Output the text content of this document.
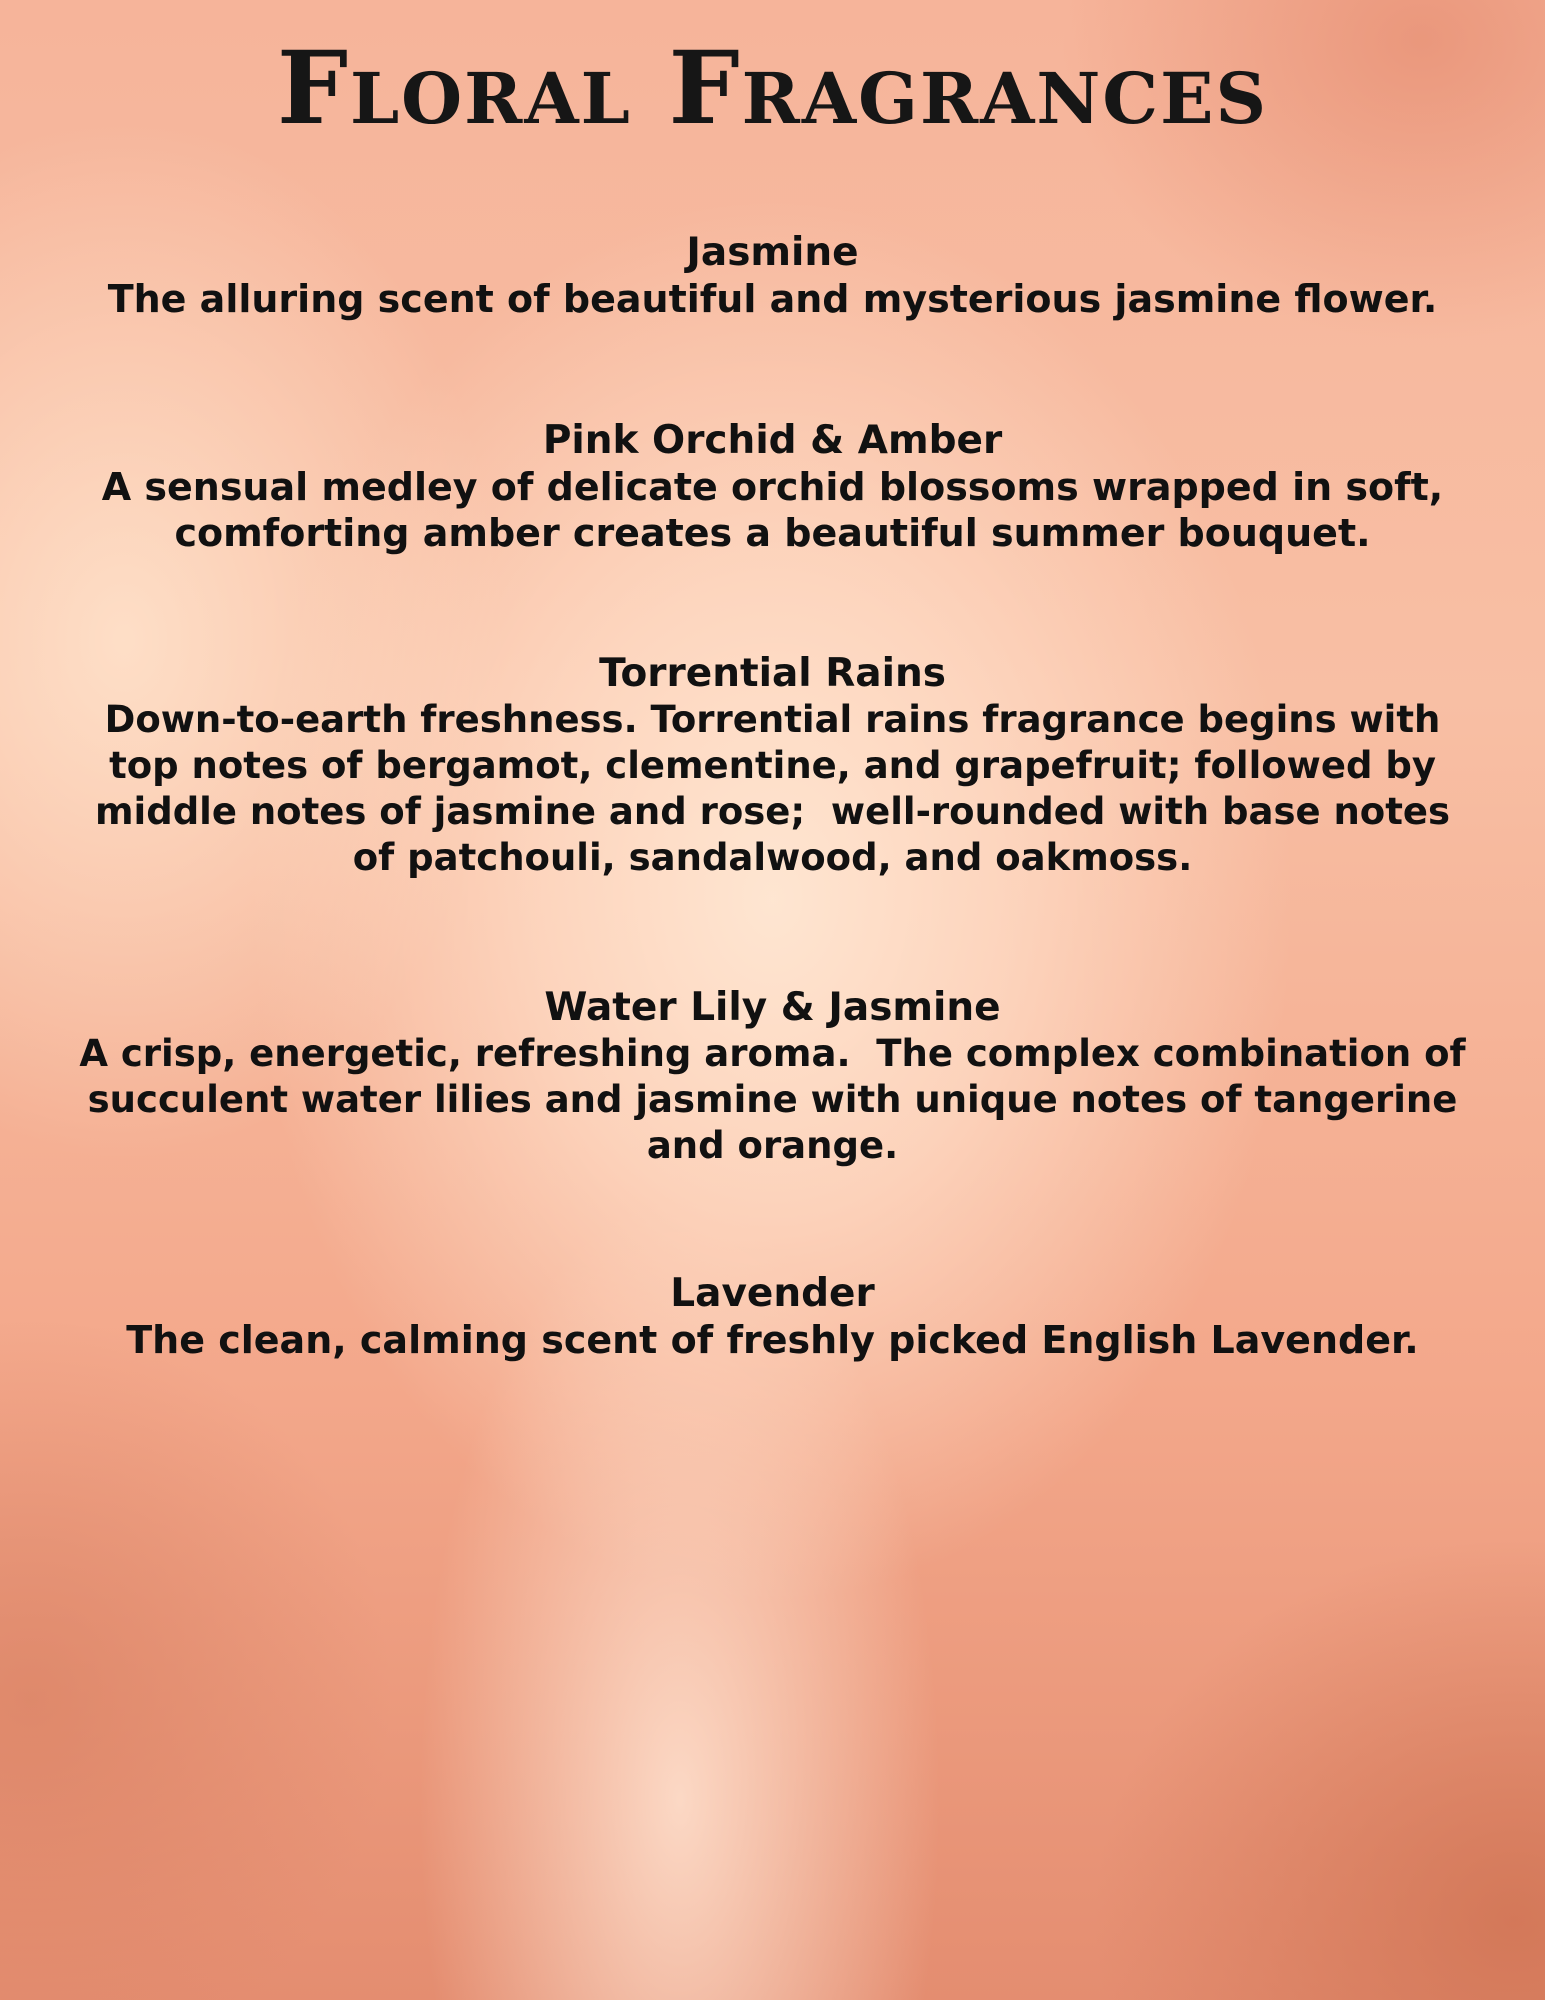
Floral Fragrances
Jasmine

The alluring scent of beautiful and mysterious jasmine flower.

Pink Orchid & Amber

A sensual medley of delicate orchid blossoms wrapped in soft,
comforting amber creates a beautiful summer bouquet.

Torrential Rains

Down-to-earth freshness. Torrential rains fragrance begins with
top notes of bergamot, clementine, and grapefruit; followed by
middle notes of jasmine and rose;  well-rounded with base notes
of patchouli, sandalwood, and oakmoss.

Water Lily & Jasmine

A crisp, energetic, refreshing aroma.  The complex combination of
succulent water lilies and jasmine with unique notes of tangerine
and orange.

Lavender

The clean, calming scent of freshly picked English Lavender.
